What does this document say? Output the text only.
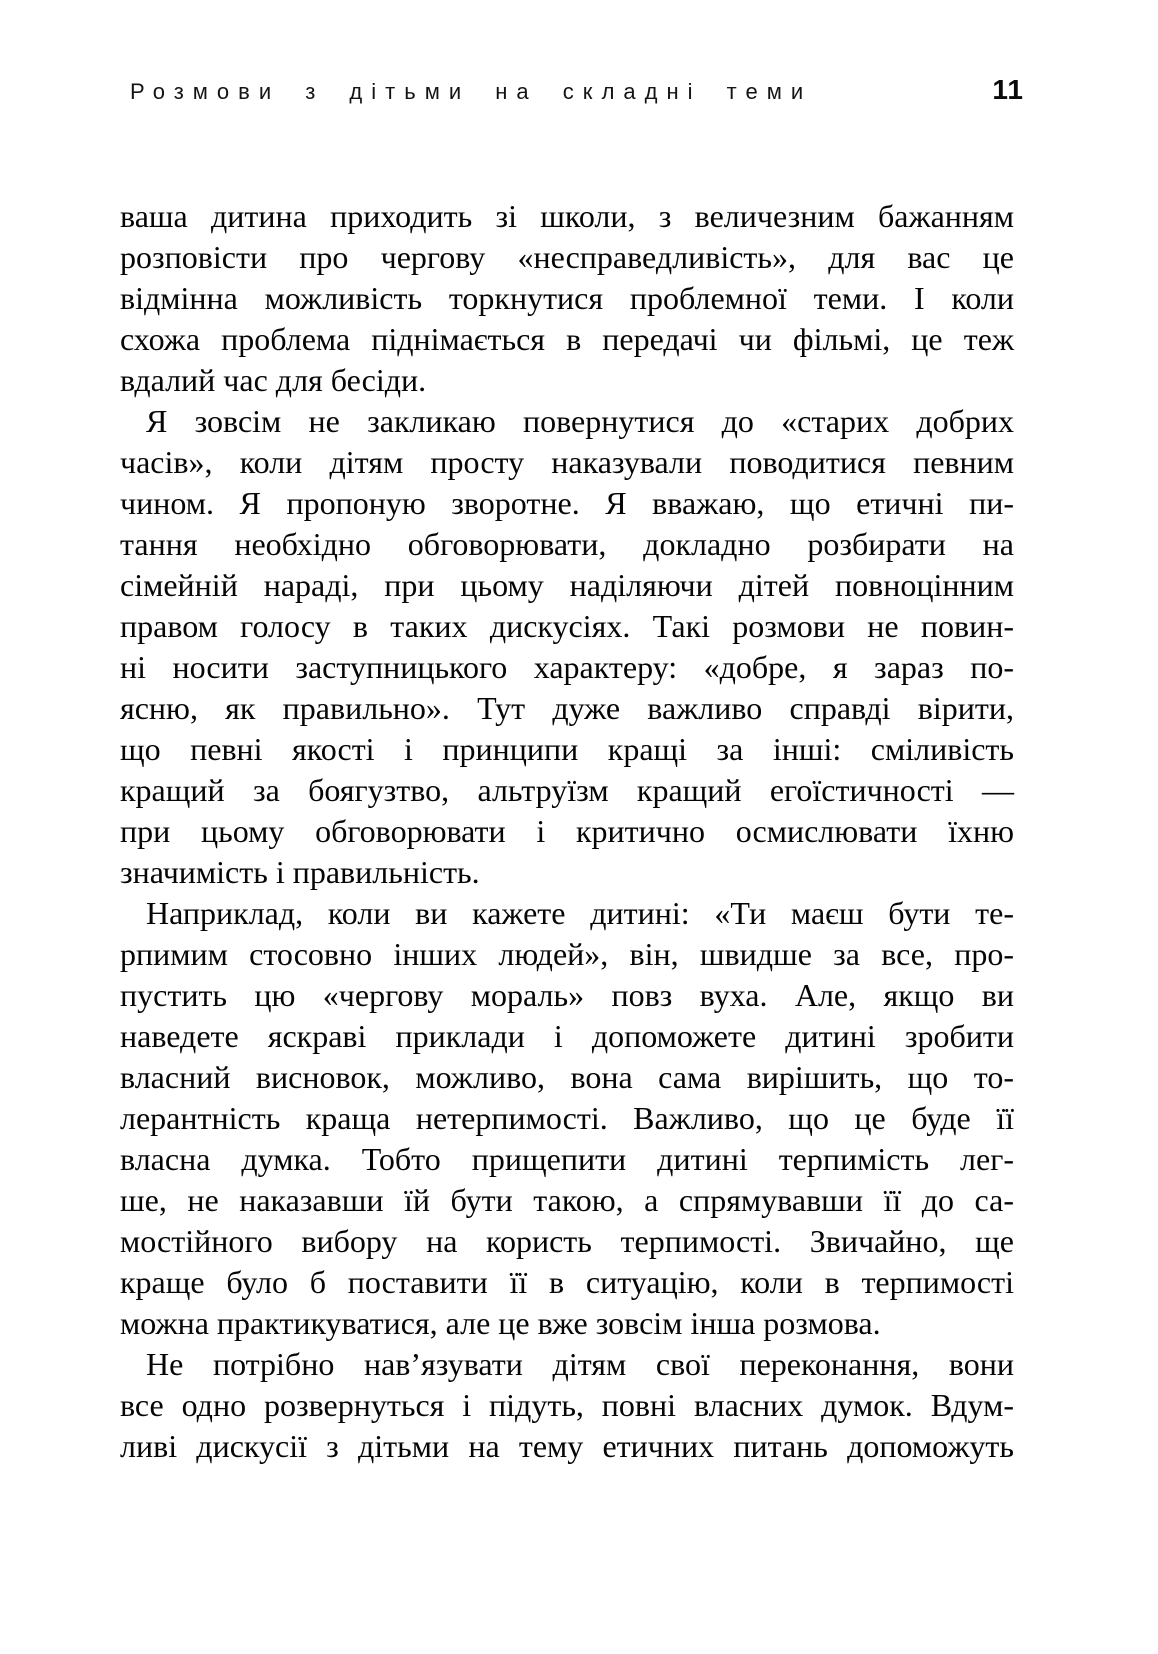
Розмови з дітьми на складні теми	11
ваша дитина приходить зі школи, з величезним бажанням
розповісти про чергову «несправедливість», для вас це
відмінна можливість торкнутися проблемної теми. І коли
схожа проблема піднімається в передачі чи фільмі, це теж
вдалий час для бесіди.
Я зовсім не закликаю повернутися до «старих добрих
часів», коли дітям просту наказували поводитися певним
чином. Я пропоную зворотне. Я вважаю, що етичні пи-
тання необхідно обговорювати, докладно розбирати на
сімейній нараді, при цьому наділяючи дітей повноцінним
правом голосу в таких дискусіях. Такі розмови не повин-
ні носити заступницького характеру: «добре, я зараз по-
ясню, як правильно». Тут дуже важливо справді вірити,
що певні якості і принципи кращі за інші: сміливість
кращий за боягузтво, альтруїзм кращий егоїстичності —
при цьому обговорювати і критично осмислювати їхню
значимість і правильність.
Наприклад, коли ви кажете дитині: «Ти маєш бути те-
рпимим стосовно інших людей», він, швидше за все, про-
пустить цю «чергову мораль» повз вуха. Але, якщо ви
наведете яскраві приклади і допоможете дитині зробити
власний висновок, можливо, вона сама вирішить, що то-
лерантність краща нетерпимості. Важливо, що це буде її
власна думка. Тобто прищепити дитині терпимість лег-
ше, не наказавши їй бути такою, а спрямувавши її до са-
мостійного вибору на користь терпимості. Звичайно, ще
краще було б поставити її в ситуацію, коли в терпимості
можна практикуватися, але це вже зовсім інша розмова.
Не потрібно нав’язувати дітям свої переконання, вони
все одно розвернуться і підуть, повні власних думок. Вдум-
ливі дискусії з дітьми на тему етичних питань допоможуть
